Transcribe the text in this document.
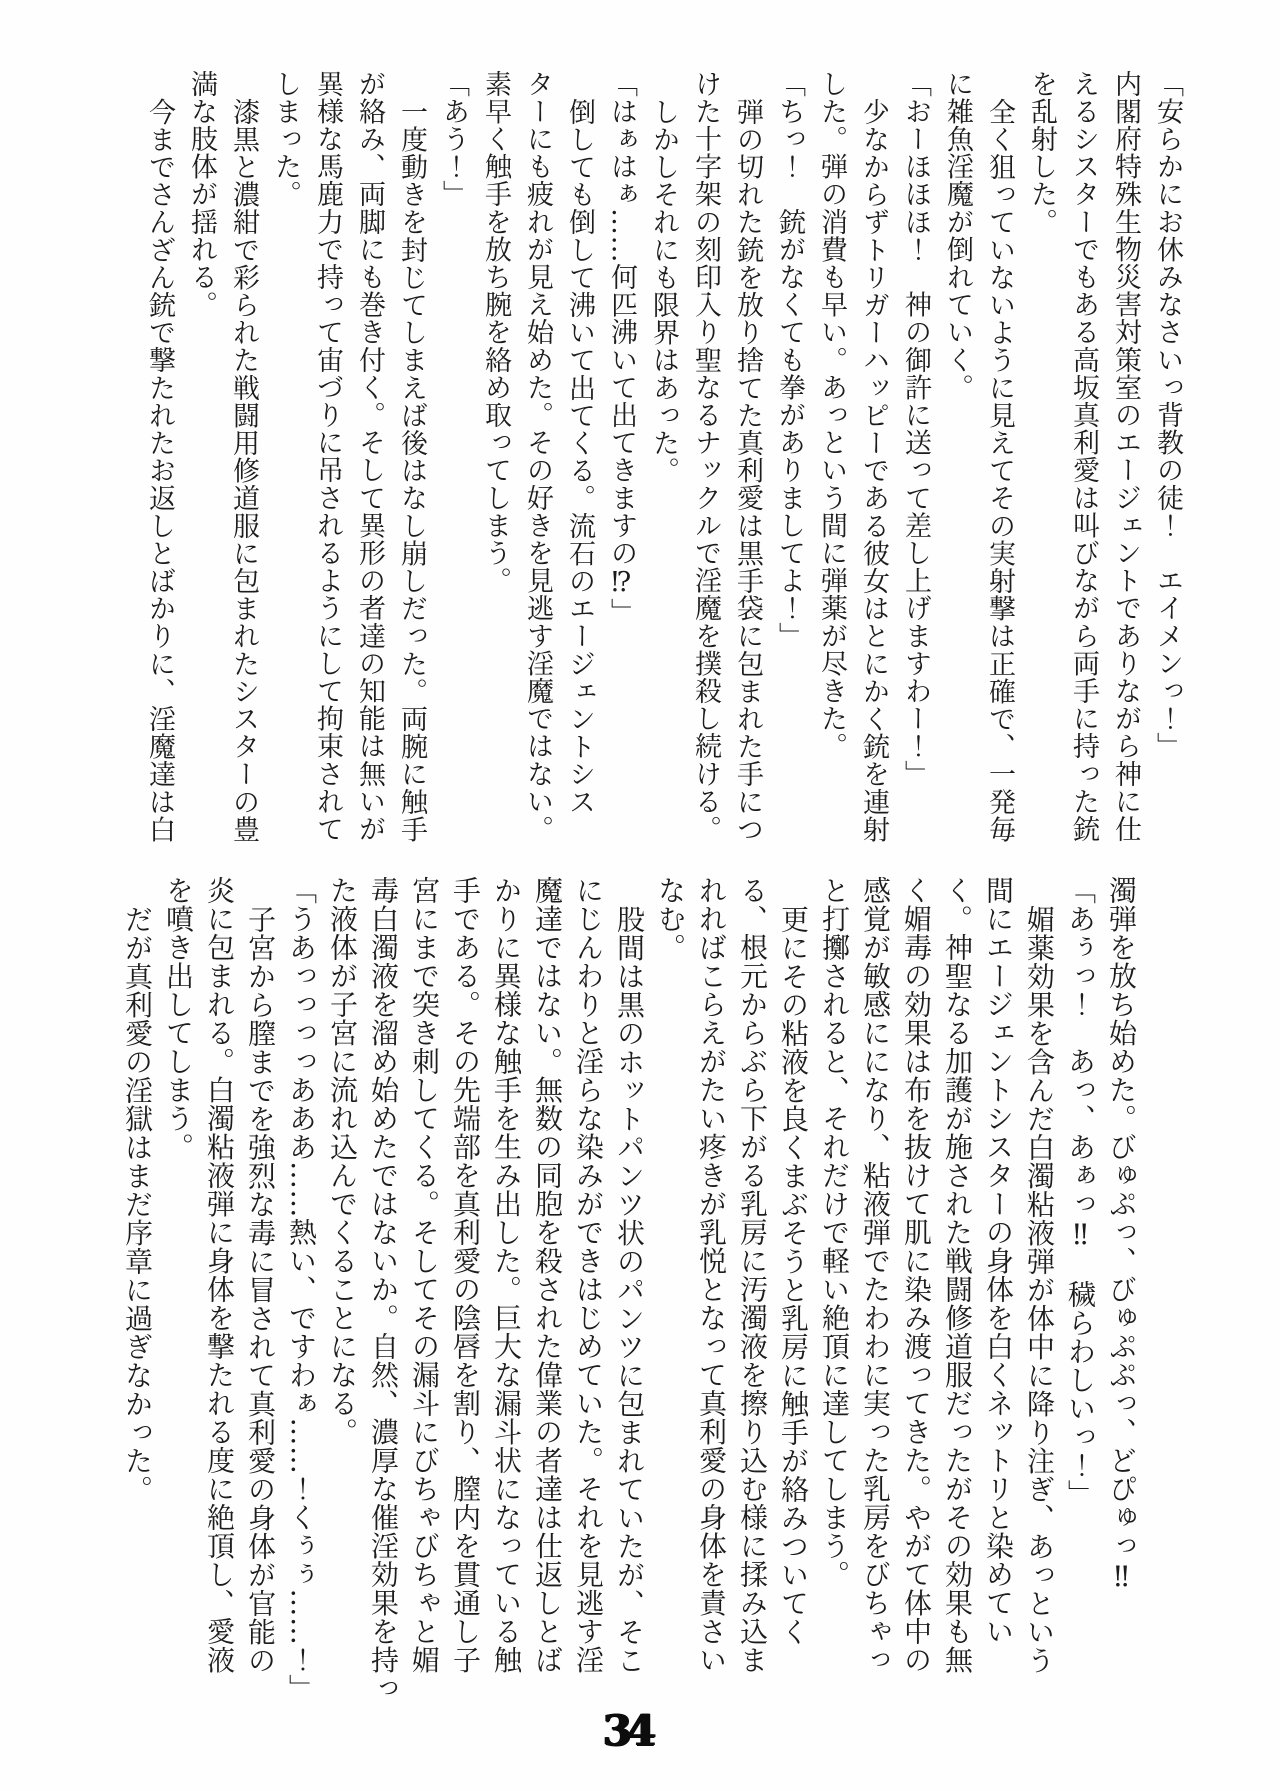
「安らかにお休みなさいっ背教の徒！　エイメンっ！」
内閣府特殊生物災害対策室のエージェントでありながら神に仕
えるシスターでもある高坂真利愛は叫びながら両手に持った銃
を乱射した。
全く狙っていないように見えてその実射撃は正確で、一発毎
に雑魚淫魔が倒れていく。
「おーほほほ！　神の御許に送って差し上げますわー！」
少なからずトリガーハッピーである彼女はとにかく銃を連射
した。弾の消費も早い。あっという間に弾薬が尽きた。
「ちっ！　銃がなくても拳がありましてよ！」
弾の切れた銃を放り捨てた真利愛は黒手袋に包まれた手につ
けた十字架の刻印入り聖なるナックルで淫魔を撲殺し続ける。
しかしそれにも限界はあった。
「はぁはぁ……何匹沸いて出てきますの⁉」
倒しても倒して沸いて出てくる。流石のエージェントシス
ターにも疲れが見え始めた。その好きを見逃す淫魔ではない。
素早く触手を放ち腕を絡め取ってしまう。
「あう！」
一度動きを封じてしまえば後はなし崩しだった。両腕に触手
が絡み、両脚にも巻き付く。そして異形の者達の知能は無いが
異様な馬鹿力で持って宙づりに吊されるようにして拘束されて
しまった。
漆黒と濃紺で彩られた戦闘用修道服に包まれたシスターの豊
満な肢体が揺れる。
今までさんざん銃で撃たれたお返しとばかりに、淫魔達は白
濁弾を放ち始めた。びゅぷっ、びゅぷぷっ、どぴゅっ‼
「あぅっ！　あっ、あぁっ‼　穢らわしいっ！」
媚薬効果を含んだ白濁粘液弾が体中に降り注ぎ、あっという
間にエージェントシスターの身体を白くネットリと染めてい
く。神聖なる加護が施された戦闘修道服だったがその効果も無
く媚毒の効果は布を抜けて肌に染み渡ってきた。やがて体中の
感覚が敏感にになり、粘液弾でたわわに実った乳房をびちゃっ
と打擲されると、それだけで軽い絶頂に達してしまう。
更にその粘液を良くまぶそうと乳房に触手が絡みついてく
る、根元からぶら下がる乳房に汚濁液を擦り込む様に揉み込ま
れればこらえがたい疼きが乳悦となって真利愛の身体を責さい
なむ。
股間は黒のホットパンツ状のパンツに包まれていたが、そこ
にじんわりと淫らな染みができはじめていた。それを見逃す淫
魔達ではない。無数の同胞を殺された偉業の者達は仕返しとば
かりに異様な触手を生み出した。巨大な漏斗状になっている触
手である。その先端部を真利愛の陰唇を割り、膣内を貫通し子
宮にまで突き刺してくる。そしてその漏斗にびちゃびちゃと媚
毒白濁液を溜め始めたではないか。自然、濃厚な催淫効果を持っ
た液体が子宮に流れ込んでくることになる。
「うあっっっっあああ……熱い、ですわぁ……！くぅぅ……！」
子宮から膣までを強烈な毒に冒されて真利愛の身体が官能の
炎に包まれる。白濁粘液弾に身体を撃たれる度に絶頂し、愛液
を噴き出してしまう。
だが真利愛の淫獄はまだ序章に過ぎなかった。
34
